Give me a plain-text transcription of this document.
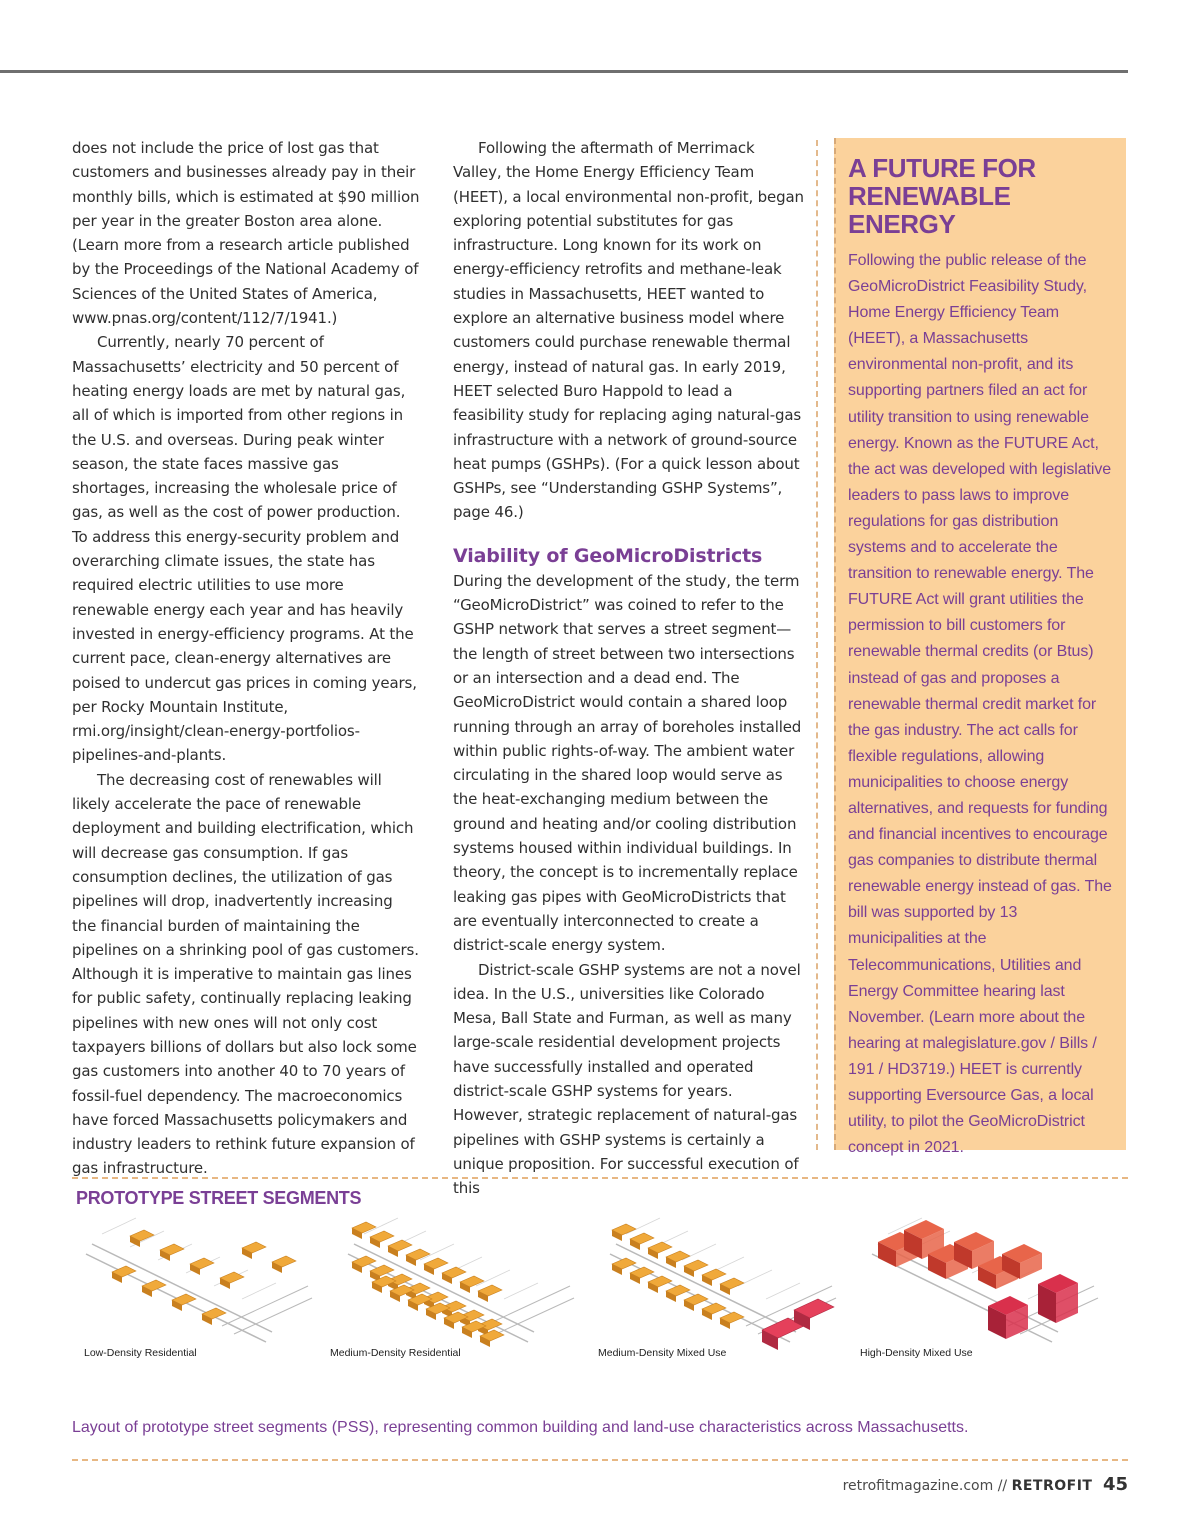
does not include the price of lost gas that customers and businesses already pay in their monthly bills, which is estimated at $90 million per year in the greater Boston area alone. (Learn more from a research article published by the Proceedings of the National Academy of Sciences of the United States of America, www.pnas.org/content/112/7/1941.)

Currently, nearly 70 percent of Massachusetts’ electricity and 50 percent of heating energy loads are met by natural gas, all of which is imported from other regions in the U.S. and overseas. During peak winter season, the state faces massive gas shortages, increasing the wholesale price of gas, as well as the cost of power production. To address this energy-security problem and overarching climate issues, the state has required electric utilities to use more renewable energy each year and has heavily invested in energy-efficiency programs. At the current pace, clean-energy alternatives are poised to undercut gas prices in coming years, per Rocky Mountain Institute, rmi.org/insight/clean-energy-portfolios-pipelines-and-plants.

The decreasing cost of renewables will likely accelerate the pace of renewable deployment and building electrification, which will decrease gas consumption. If gas consumption declines, the utilization of gas pipelines will drop, inadvertently increasing the financial burden of maintaining the pipelines on a shrinking pool of gas customers. Although it is imperative to maintain gas lines for public safety, continually replacing leaking pipelines with new ones will not only cost taxpayers billions of dollars but also lock some gas customers into another 40 to 70 years of fossil-fuel dependency. The macroeconomics have forced Massachusetts policymakers and industry leaders to rethink future expansion of gas infrastructure.

Following the aftermath of Merrimack Valley, the Home Energy Efficiency Team (HEET), a local environmental non-profit, began exploring potential substitutes for gas infrastructure. Long known for its work on energy-efficiency retrofits and methane-leak studies in Massachusetts, HEET wanted to explore an alternative business model where customers could purchase renewable thermal energy, instead of natural gas. In early 2019, HEET selected Buro Happold to lead a feasibility study for replacing aging natural-gas infrastructure with a network of ground-source heat pumps (GSHPs). (For a quick lesson about GSHPs, see “Understanding GSHP Systems”, page 46.)

Viability of GeoMicroDistricts

During the development of the study, the term “GeoMicroDistrict” was coined to refer to the GSHP network that serves a street segment—the length of street between two intersections or an intersection and a dead end. The GeoMicroDistrict would contain a shared loop running through an array of boreholes installed within public rights-of-way. The ambient water circulating in the shared loop would serve as the heat-exchanging medium between the ground and heating and/or cooling distribution systems housed within individual buildings. In theory, the concept is to incrementally replace leaking gas pipes with GeoMicroDistricts that are eventually interconnected to create a district-scale energy system.

District-scale GSHP systems are not a novel idea. In the U.S., universities like Colorado Mesa, Ball State and Furman, as well as many large-scale residential development projects have successfully installed and operated district-scale GSHP systems for years. However, strategic replacement of natural-gas pipelines with GSHP systems is certainly a unique proposition. For successful execution of this

A FUTURE FOR RENEWABLE ENERGY
Following the public release of the GeoMicroDistrict Feasibility Study, Home Energy Efficiency Team (HEET), a Massachusetts environmental non-profit, and its supporting partners filed an act for utility transition to using renewable energy. Known as the FUTURE Act, the act was developed with legislative leaders to pass laws to improve regulations for gas distribution systems and to accelerate the transition to renewable energy. The FUTURE Act will grant utilities the permission to bill customers for renewable thermal credits (or Btus) instead of gas and proposes a renewable thermal credit market for the gas industry. The act calls for flexible regulations, allowing municipalities to choose energy alternatives, and requests for funding and financial incentives to encourage gas companies to distribute thermal renewable energy instead of gas. The bill was supported by 13 municipalities at the Telecommunications, Utilities and Energy Committee hearing last November. (Learn more about the hearing at malegislature.gov / Bills / 191 / HD3719.) HEET is currently supporting Eversource Gas, a local utility, to pilot the GeoMicroDistrict concept in 2021.
PROTOTYPE STREET SEGMENTS
Low-Density Residential	Medium-Density Residential	Medium-Density Mixed Use	High-Density Mixed Use
Layout of prototype street segments (PSS), representing common building and land-use characteristics across Massachusetts.
retrofitmagazine.com // RETROFIT 45
